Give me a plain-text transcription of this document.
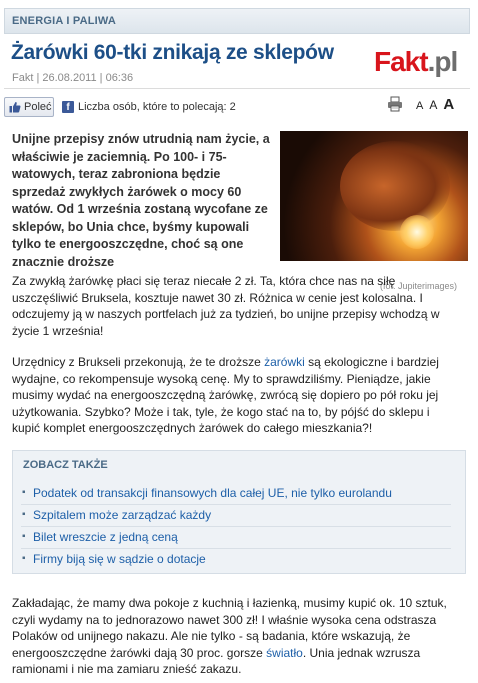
ENERGIA I PALIWA
Żarówki 60-tki znikają ze sklepów
Fakt | 26.08.2011 | 06:36
Fakt.pl
Poleć	f Liczba osób, które to polecają: 2	A A A

Unijne przepisy znów utrudnią nam życie, a właściwie je zaciemnią. Po 100- i 75-watowych, teraz zabroniona będzie sprzedaż zwykłych żarówek o mocy 60 watów. Od 1 września zostaną wycofane ze sklepów, bo Unia chce, byśmy kupowali tylko te energooszczędne, choć są one znacznie droższe

(fot. Jupiterimages)

Za zwykłą żarówkę płaci się teraz niecałe 2 zł. Ta, która chce nas na siłę uszczęśliwić Bruksela, kosztuje nawet 30 zł. Różnica w cenie jest kolosalna. I odczujemy ją w naszych portfelach już za tydzień, bo unijne przepisy wchodzą w życie 1 września!

Urzędnicy z Brukseli przekonują, że te droższe żarówki są ekologiczne i bardziej wydajne, co rekompensuje wysoką cenę. My to sprawdziliśmy. Pieniądze, jakie musimy wydać na energooszczędną żarówkę, zwrócą się dopiero po pół roku jej użytkowania. Szybko? Może i tak, tyle, że kogo stać na to, by pójść do sklepu i kupić komplet energooszczędnych żarówek do całego mieszkania?!

ZOBACZ TAKŻE
▪ Podatek od transakcji finansowych dla całej UE, nie tylko eurolandu
▪ Szpitalem może zarządzać każdy
▪ Bilet wreszcie z jedną ceną
▪ Firmy biją się w sądzie o dotacje

Zakładając, że mamy dwa pokoje z kuchnią i łazienką, musimy kupić ok. 10 sztuk, czyli wydamy na to jednorazowo nawet 300 zł! I właśnie wysoka cena odstrasza Polaków od unijnego nakazu. Ale nie tylko - są badania, które wskazują, że energooszczędne żarówki dają 30 proc. gorsze światło. Unia jednak wzrusza ramionami i nie ma zamiaru znieść zakazu.
